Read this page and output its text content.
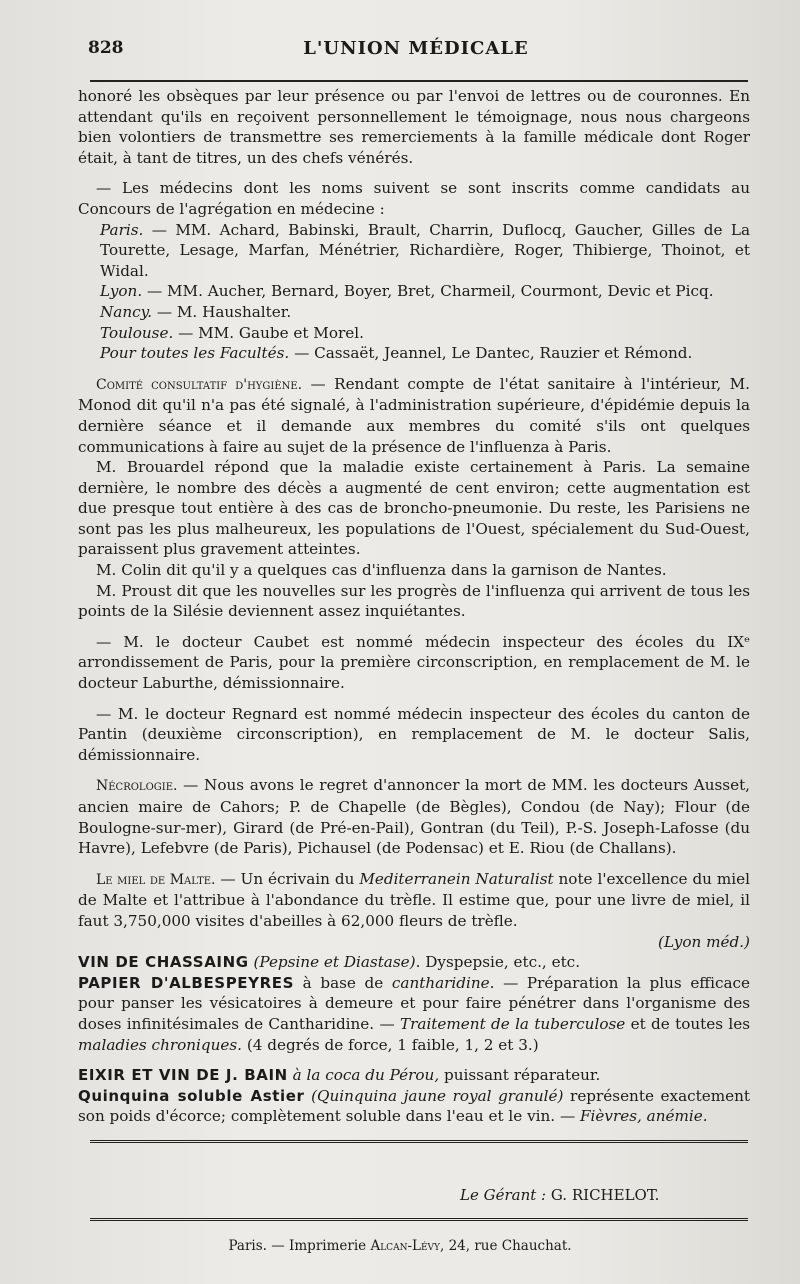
828	L'UNION MÉDICALE

honoré les obsèques par leur présence ou par l'envoi de lettres ou de couronnes. En attendant qu'ils en reçoivent personnellement le témoignage, nous nous chargeons bien volontiers de transmettre ses remerciements à la famille médicale dont Roger était, à tant de titres, un des chefs vénérés.

— Les médecins dont les noms suivent se sont inscrits comme candidats au Concours de l'agrégation en médecine :

Paris. — MM. Achard, Babinski, Brault, Charrin, Duflocq, Gaucher, Gilles de La Tourette, Lesage, Marfan, Ménétrier, Richardière, Roger, Thibierge, Thoinot, et Widal.

Lyon. — MM. Aucher, Bernard, Boyer, Bret, Charmeil, Courmont, Devic et Picq.

Nancy. — M. Haushalter.

Toulouse. — MM. Gaube et Morel.

Pour toutes les Facultés. — Cassaët, Jeannel, Le Dantec, Rauzier et Rémond.

Comité consultatif d'hygiène. — Rendant compte de l'état sanitaire à l'intérieur, M. Monod dit qu'il n'a pas été signalé, à l'administration supérieure, d'épidémie depuis la dernière séance et il demande aux membres du comité s'ils ont quelques communications à faire au sujet de la présence de l'influenza à Paris.

M. Brouardel répond que la maladie existe certainement à Paris. La semaine dernière, le nombre des décès a augmenté de cent environ; cette augmentation est due presque tout entière à des cas de broncho-pneumonie. Du reste, les Parisiens ne sont pas les plus malheureux, les populations de l'Ouest, spécialement du Sud-Ouest, paraissent plus gravement atteintes.

M. Colin dit qu'il y a quelques cas d'influenza dans la garnison de Nantes.

M. Proust dit que les nouvelles sur les progrès de l'influenza qui arrivent de tous les points de la Silésie deviennent assez inquiétantes.

— M. le docteur Caubet est nommé médecin inspecteur des écoles du IXᵉ arrondissement de Paris, pour la première circonscription, en remplacement de M. le docteur Laburthe, démissionnaire.

— M. le docteur Regnard est nommé médecin inspecteur des écoles du canton de Pantin (deuxième circonscription), en remplacement de M. le docteur Salis, démissionnaire.

Nécrologie. — Nous avons le regret d'annoncer la mort de MM. les docteurs Ausset, ancien maire de Cahors; P. de Chapelle (de Bègles), Condou (de Nay); Flour (de Boulogne-sur-mer), Girard (de Pré-en-Pail), Gontran (du Teil), P.-S. Joseph-Lafosse (du Havre), Lefebvre (de Paris), Pichausel (de Podensac) et E. Riou (de Challans).

Le miel de Malte. — Un écrivain du Mediterranein Naturalist note l'excellence du miel de Malte et l'attribue à l'abondance du trèfle. Il estime que, pour une livre de miel, il faut 3,750,000 visites d'abeilles à 62,000 fleurs de trèfle.

(Lyon méd.)

VIN DE CHASSAING (Pepsine et Diastase). Dyspepsie, etc., etc.

PAPIER D'ALBESPEYRES à base de cantharidine. — Préparation la plus efficace pour panser les vésicatoires à demeure et pour faire pénétrer dans l'organisme des doses infinitésimales de Cantharidine. — Traitement de la tuberculose et de toutes les maladies chroniques. (4 degrés de force, 1 faible, 1, 2 et 3.)

EIXIR ET VIN DE J. BAIN à la coca du Pérou, puissant réparateur.

Quinquina soluble Astier (Quinquina jaune royal granulé) représente exactement son poids d'écorce; complètement soluble dans l'eau et le vin. — Fièvres, anémie.

Le Gérant : G. RICHELOT.
Paris. — Imprimerie Alcan-Lévy, 24, rue Chauchat.
